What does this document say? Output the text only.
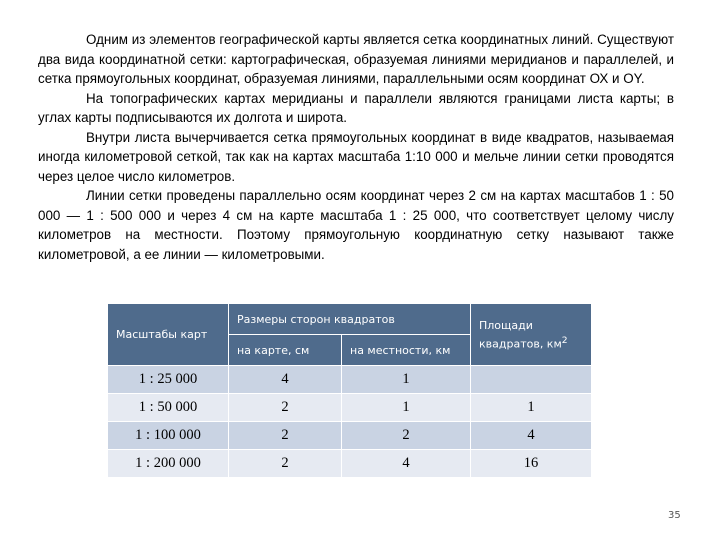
Одним из элементов географической карты является сетка координатных линий. Существуют два вида координатной сетки: картографическая, образуемая линиями меридианов и параллелей, и сетка прямоугольных координат, образуемая линиями, параллельными осям координат ОХ и ОY.

На топографических картах меридианы и параллели являются границами листа карты; в углах карты подписываются их долгота и широта.

Внутри листа вычерчивается сетка прямоугольных координат в виде квадратов, называемая иногда километровой сеткой, так как на картах масштаба 1:10 000 и мельче линии сетки проводятся через целое число километров.

Линии сетки проведены параллельно осям координат через 2 см на картах масштабов 1 : 50 000 — 1 : 500 000 и через 4 см на карте масштаба 1 : 25 000, что соответствует целому числу километров на местности. Поэтому прямоугольную координатную сетку называют также километровой, а ее линии — километровыми.

Масштабы карт	Размеры сторон квадратов		Площади квадратов, $км^2$
	на карте, см	на местности, км	
1 : 25 000	4	1	
1 : 50 000	2	1	1
1 : 100 000	2	2	4
1 : 200 000	2	4	16
35
